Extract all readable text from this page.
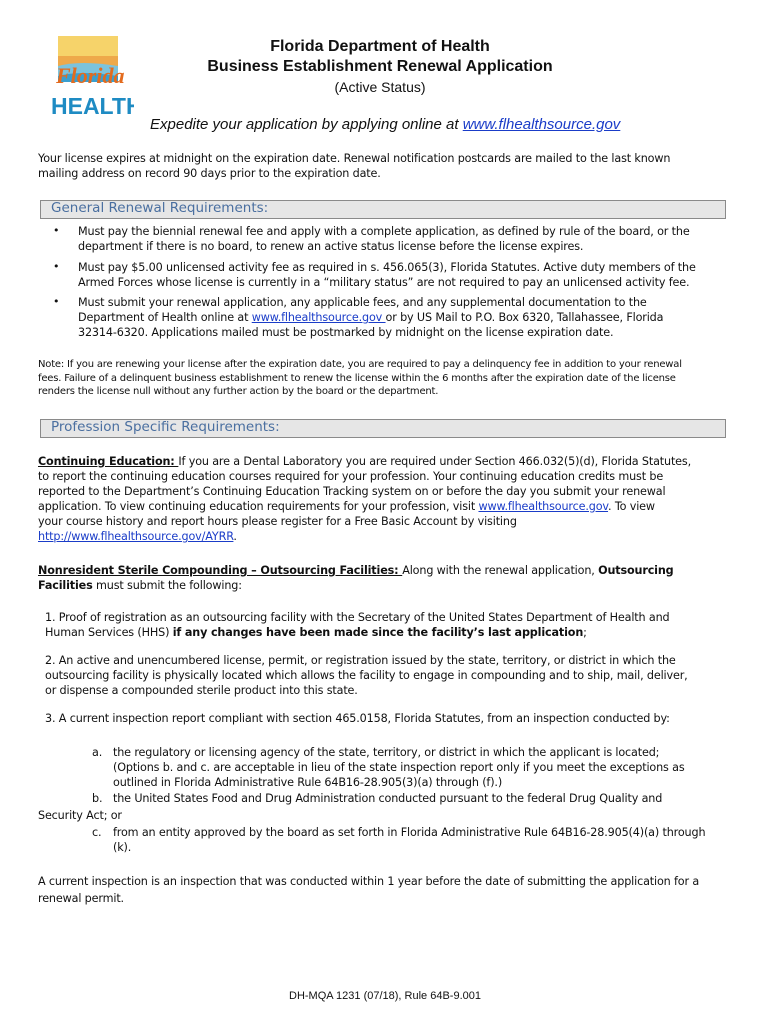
Florida
HEALTH
Florida Department of Health
Business Establishment Renewal Application
(Active Status)
Expedite your application by applying online at www.flhealthsource.gov
Your license expires at midnight on the expiration date. Renewal notification postcards are mailed to the last known
mailing address on record 90 days prior to the expiration date.
General Renewal Requirements:
• Must pay the biennial renewal fee and apply with a complete application, as defined by rule of the board, or the
department if there is no board, to renew an active status license before the license expires.
• Must pay $5.00 unlicensed activity fee as required in s. 456.065(3), Florida Statutes. Active duty members of the
Armed Forces whose license is currently in a “military status” are not required to pay an unlicensed activity fee.
• Must submit your renewal application, any applicable fees, and any supplemental documentation to the
Department of Health online at www.flhealthsource.gov or by US Mail to P.O. Box 6320, Tallahassee, Florida
32314-6320. Applications mailed must be postmarked by midnight on the license expiration date.
Note: If you are renewing your license after the expiration date, you are required to pay a delinquency fee in addition to your renewal
fees. Failure of a delinquent business establishment to renew the license within the 6 months after the expiration date of the license
renders the license null without any further action by the board or the department.
Profession Specific Requirements:
Continuing Education: If you are a Dental Laboratory you are required under Section 466.032(5)(d), Florida Statutes,
to report the continuing education courses required for your profession. Your continuing education credits must be
reported to the Department’s Continuing Education Tracking system on or before the day you submit your renewal
application. To view continuing education requirements for your profession, visit www.flhealthsource.gov. To view
your course history and report hours please register for a Free Basic Account by visiting
http://www.flhealthsource.gov/AYRR.
Nonresident Sterile Compounding – Outsourcing Facilities: Along with the renewal application, Outsourcing
Facilities must submit the following:
1. Proof of registration as an outsourcing facility with the Secretary of the United States Department of Health and
Human Services (HHS) if any changes have been made since the facility’s last application;
2. An active and unencumbered license, permit, or registration issued by the state, territory, or district in which the
outsourcing facility is physically located which allows the facility to engage in compounding and to ship, mail, deliver,
or dispense a compounded sterile product into this state.
3. A current inspection report compliant with section 465.0158, Florida Statutes, from an inspection conducted by:
a. the regulatory or licensing agency of the state, territory, or district in which the applicant is located;
(Options b. and c. are acceptable in lieu of the state inspection report only if you meet the exceptions as
outlined in Florida Administrative Rule 64B16-28.905(3)(a) through (f).)
b. the United States Food and Drug Administration conducted pursuant to the federal Drug Quality and
Security Act; or
c. from an entity approved by the board as set forth in Florida Administrative Rule 64B16-28.905(4)(a) through
(k).
A current inspection is an inspection that was conducted within 1 year before the date of submitting the application for a
renewal permit.
DH-MQA 1231 (07/18), Rule 64B-9.001
